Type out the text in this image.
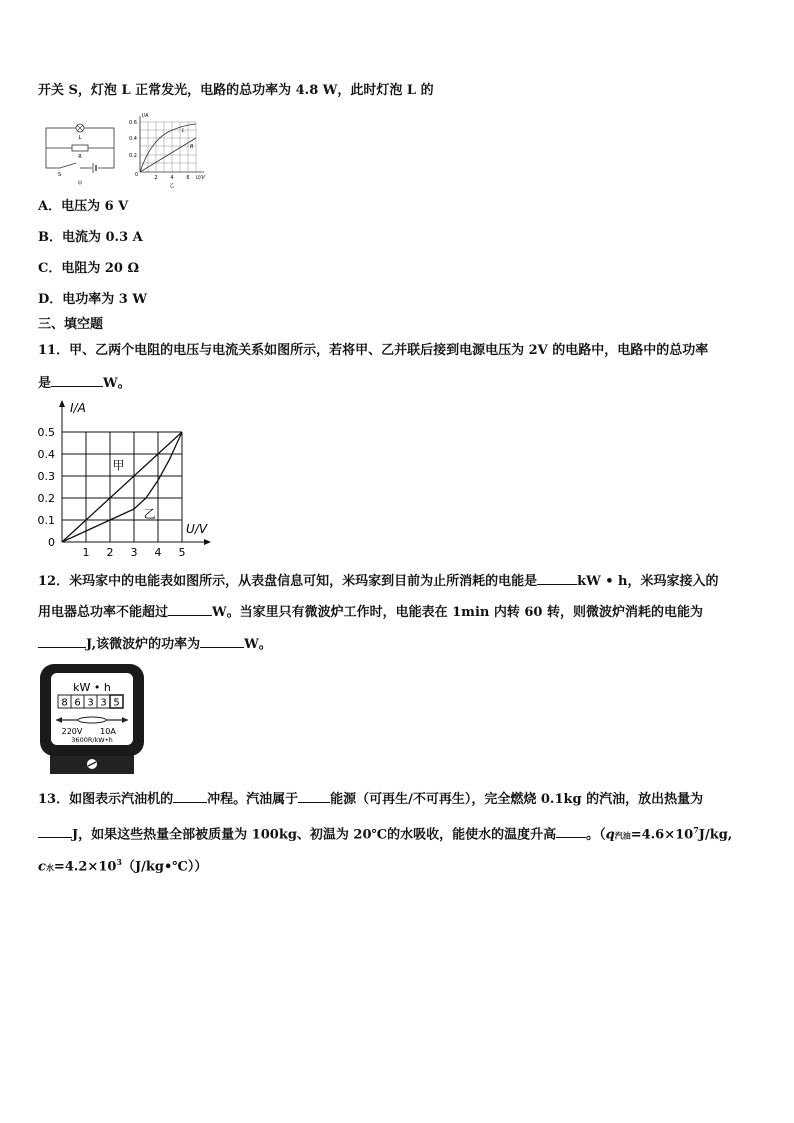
开关 S，灯泡 L 正常发光，电路的总功率为 4.8 W，此时灯泡 L 的
L
R
S
甲
L
R
I/A
0.6
0.4
0.2
0	2	4	6 U/V
乙
A．电压为 6 V
B．电流为 0.3 A
C．电阻为 20 Ω
D．电功率为 3 W
三、填空题
11．甲、乙两个电阻的电压与电流关系如图所示，若将甲、乙并联后接到电源电压为 2V 的电路中，电路中的总功率
是	W。
甲
乙
0.5
0.4
0.3
0.2
0.1
0
1 2 3 4 5
I/A
U/V
12．米玛家中的电能表如图所示，从表盘信息可知，米玛家到目前为止所消耗的电能是	kW • h，米玛家接入的
用电器总功率不能超过	W。当家里只有微波炉工作时，电能表在 1min 内转 60 转，则微波炉消耗的电能为
J,该微波炉的功率为	W。
kW • h
8 6 3 3 5
220V 10A
3600R/kW•h
13．如图表示汽油机的	冲程。汽油属于 能源（可再生/不可再生），完全燃烧 0.1kg 的汽油，放出热量为
J，如果这些热量全部被质量为 100kg、初温为 20℃的水吸收，能使水的温度升高 。（q汽油$=4.6\times 10^7J/kg$,
c水$=4.2\times 10^3(J/kg•℃)$）
